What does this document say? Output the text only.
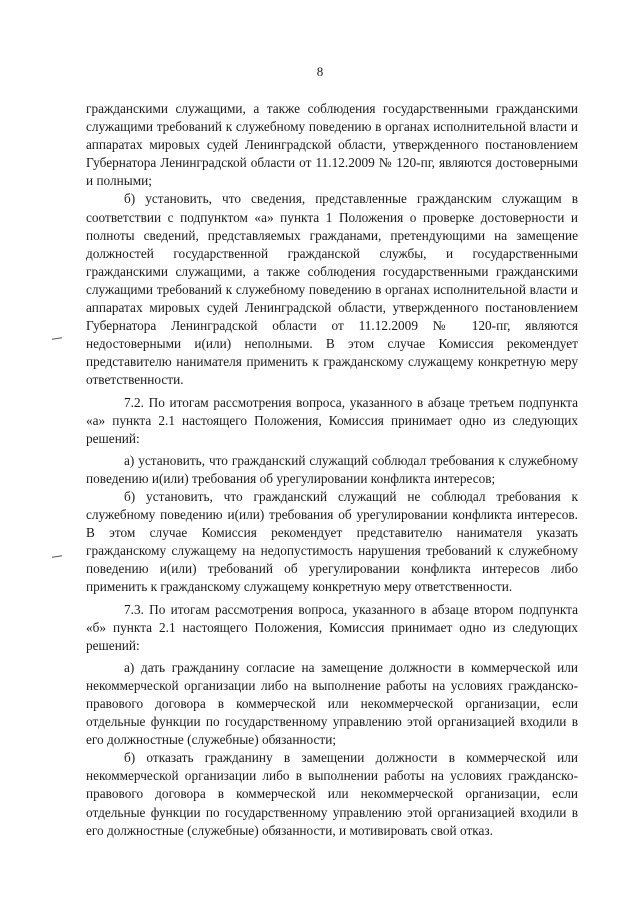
8

гражданскими служащими, а также соблюдения государственными гражданскими служащими требований к служебному поведению в органах исполнительной власти и аппаратах мировых судей Ленинградской области, утвержденного постановлением Губернатора Ленинградской области от 11.12.2009 № 120-пг, являются достоверными и полными;

б) установить, что сведения, представленные гражданским служащим в соответствии с подпунктом «а» пункта 1 Положения о проверке достоверности и полноты сведений, представляемых гражданами, претендующими на замещение должностей государственной гражданской службы, и государственными гражданскими служащими, а также соблюдения государственными гражданскими служащими требований к служебному поведению в органах исполнительной власти и аппаратах мировых судей Ленинградской области, утвержденного постановлением Губернатора Ленинградской области от 11.12.2009 № 120-пг, являются недостоверными и(или) неполными. В этом случае Комиссия рекомендует представителю нанимателя применить к гражданскому служащему конкретную меру ответственности.

7.2. По итогам рассмотрения вопроса, указанного в абзаце третьем подпункта «а» пункта 2.1 настоящего Положения, Комиссия принимает одно из следующих решений:

а) установить, что гражданский служащий соблюдал требования к служебному поведению и(или) требования об урегулировании конфликта интересов;

б) установить, что гражданский служащий не соблюдал требования к служебному поведению и(или) требования об урегулировании конфликта интересов. В этом случае Комиссия рекомендует представителю нанимателя указать гражданскому служащему на недопустимость нарушения требований к служебному поведению и(или) требований об урегулировании конфликта интересов либо применить к гражданскому служащему конкретную меру ответственности.

7.3. По итогам рассмотрения вопроса, указанного в абзаце втором подпункта «б» пункта 2.1 настоящего Положения, Комиссия принимает одно из следующих решений:

а) дать гражданину согласие на замещение должности в коммерческой или некоммерческой организации либо на выполнение работы на условиях гражданско-правового договора в коммерческой или некоммерческой организации, если отдельные функции по государственному управлению этой организацией входили в его должностные (служебные) обязанности;

б) отказать гражданину в замещении должности в коммерческой или некоммерческой организации либо в выполнении работы на условиях гражданско-правового договора в коммерческой или некоммерческой организации, если отдельные функции по государственному управлению этой организацией входили в его должностные (служебные) обязанности, и мотивировать свой отказ.
